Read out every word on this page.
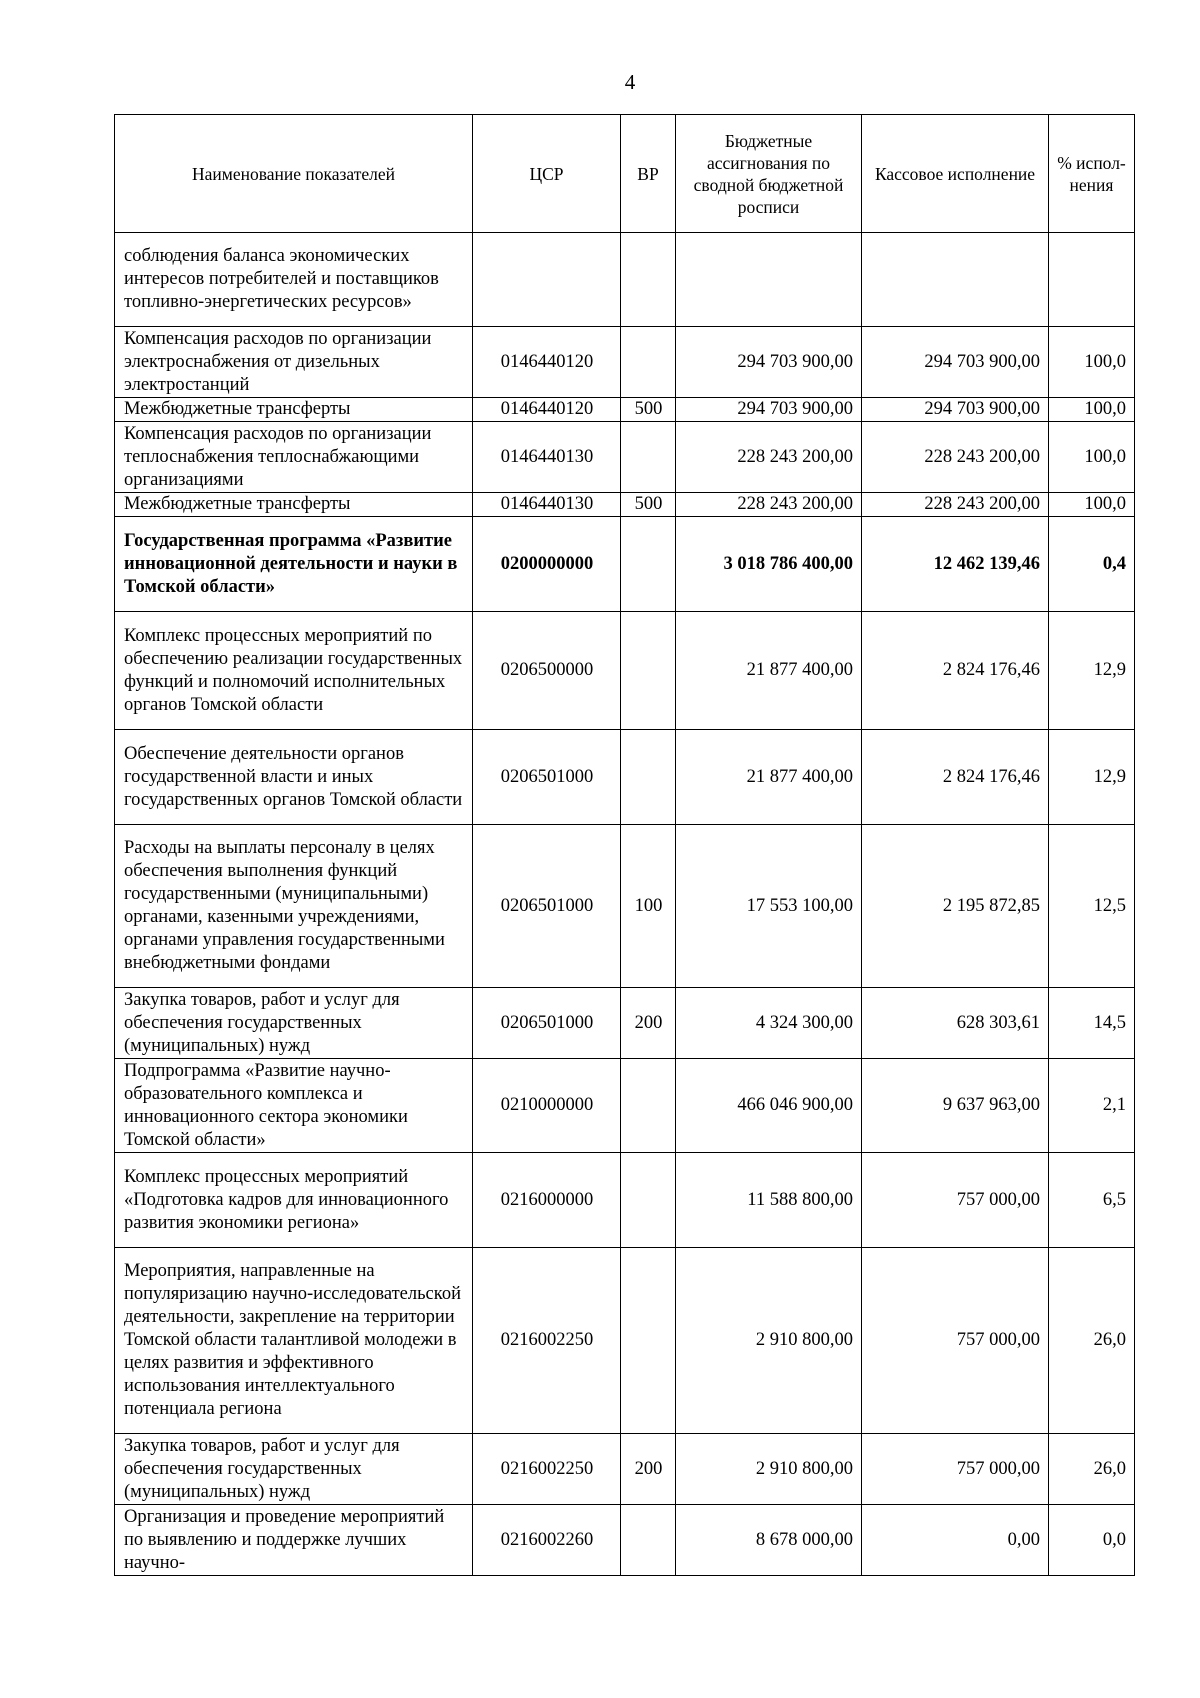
4
Наименование показателей	ЦСР	ВР	Бюджетные ассигнования по сводной бюджетной росписи	Кассовое исполнение	% испол-нения
соблюдения баланса экономических интересов потребителей и поставщиков топливно-энергетических ресурсов»					
Компенсация расходов по организации электроснабжения от дизельных электростанций	0146440120		294 703 900,00	294 703 900,00	100,0
Межбюджетные трансферты	0146440120	500	294 703 900,00	294 703 900,00	100,0
Компенсация расходов по организации теплоснабжения теплоснабжающими организациями	0146440130		228 243 200,00	228 243 200,00	100,0
Межбюджетные трансферты	0146440130	500	228 243 200,00	228 243 200,00	100,0
Государственная программа «Развитие инновационной деятельности и науки в Томской области»	0200000000		3 018 786 400,00	12 462 139,46	0,4
Комплекс процессных мероприятий по обеспечению реализации государственных функций и полномочий исполнительных органов Томской области	0206500000		21 877 400,00	2 824 176,46	12,9
Обеспечение деятельности органов государственной власти и иных государственных органов Томской области	0206501000		21 877 400,00	2 824 176,46	12,9
Расходы на выплаты персоналу в целях обеспечения выполнения функций государственными (муниципальными) органами, казенными учреждениями, органами управления государственными внебюджетными фондами	0206501000	100	17 553 100,00	2 195 872,85	12,5
Закупка товаров, работ и услуг для обеспечения государственных (муниципальных) нужд	0206501000	200	4 324 300,00	628 303,61	14,5
Подпрограмма «Развитие научно-образовательного комплекса и инновационного сектора экономики Томской области»	0210000000		466 046 900,00	9 637 963,00	2,1
Комплекс процессных мероприятий «Подготовка кадров для инновационного развития экономики региона»	0216000000		11 588 800,00	757 000,00	6,5
Мероприятия, направленные на популяризацию научно-исследовательской деятельности, закрепление на территории Томской области талантливой молодежи в целях развития и эффективного использования интеллектуального потенциала региона	0216002250		2 910 800,00	757 000,00	26,0
Закупка товаров, работ и услуг для обеспечения государственных (муниципальных) нужд	0216002250	200	2 910 800,00	757 000,00	26,0
Организация и проведение мероприятий по выявлению и поддержке лучших научно-	0216002260		8 678 000,00	0,00	0,0
